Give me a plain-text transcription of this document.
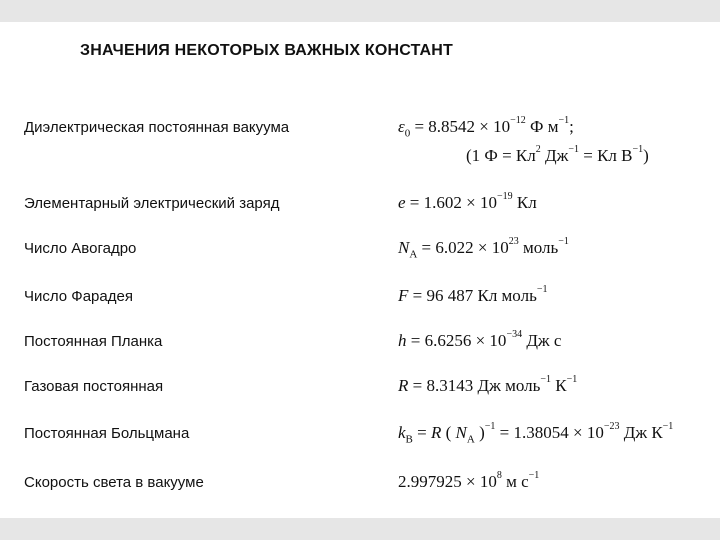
ЗНАЧЕНИЯ НЕКОТОРЫХ ВАЖНЫХ КОНСТАНТ
Диэлектрическая постоянная вакуума	$\varepsilon_0 = 8.8542 \times 10^{-12}$ Ф $м^{-1}$;
(1 $Ф = Кл^2$ $Дж^{-1}$ = Кл $В^{-1}$)
Элементарный электрический заряд	$e = 1.602 \times 10^{-19}$ Кл
Число Авогадро	$N_A = 6.022 \times 10^{23}$ моль$^{-1}$
Число Фарадея	F = 96 487 Кл моль$^{-1}$
Постоянная Планка	$h = 6.6256 \times 10^{-34}$ Дж с
Газовая постоянная	R = 8.3143 Дж моль$^{-1}$ $К^{-1}$
Постоянная Больцмана	$k_B = R$ ( $N_A$ )$^{-1} = 1.38054 \times 10^{-23}$ Дж $К^{-1}$
Скорость света в вакууме	$2.997925 \times 10^8$ м $с^{-1}$
